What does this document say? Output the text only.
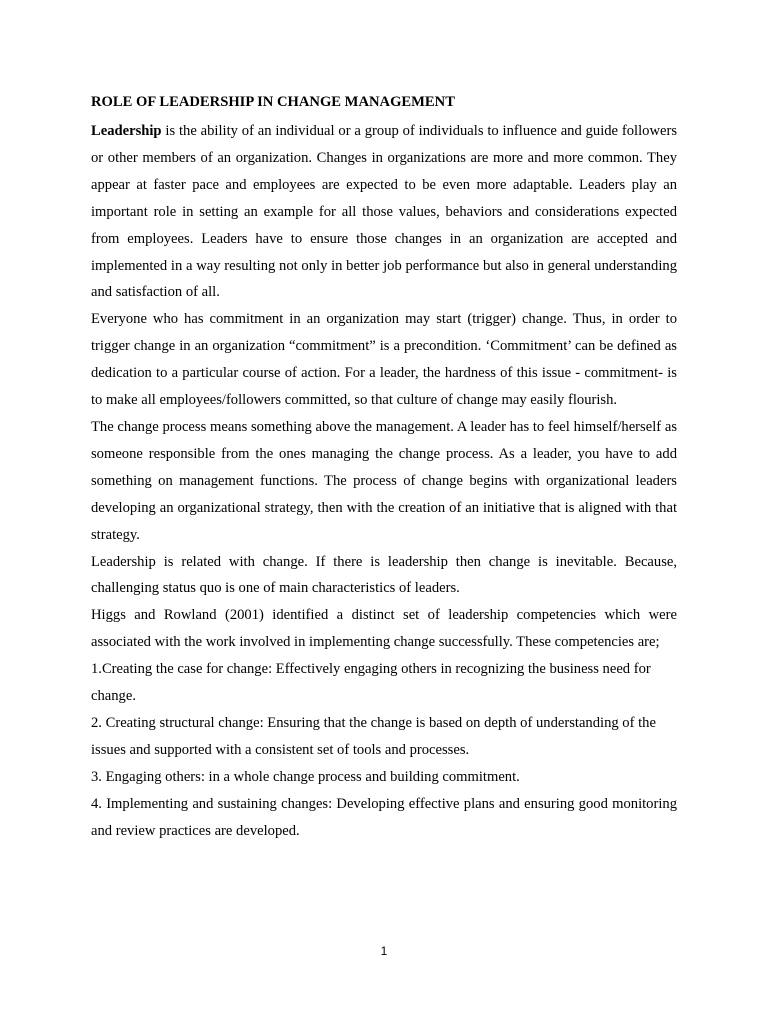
ROLE OF LEADERSHIP IN CHANGE MANAGEMENT

Leadership is the ability of an individual or a group of individuals to influence and guide followers or other members of an organization. Changes in organizations are more and more common. They appear at faster pace and employees are expected to be even more adaptable. Leaders play an important role in setting an example for all those values, behaviors and considerations expected from employees. Leaders have to ensure those changes in an organization are accepted and implemented in a way resulting not only in better job performance but also in general understanding and satisfaction of all.

Everyone who has commitment in an organization may start (trigger) change. Thus, in order to trigger change in an organization “commitment” is a precondition. ‘Commitment’ can be defined as dedication to a particular course of action. For a leader, the hardness of this issue - commitment- is to make all employees/followers committed, so that culture of change may easily flourish.

The change process means something above the management. A leader has to feel himself/herself as someone responsible from the ones managing the change process. As a leader, you have to add something on management functions. The process of change begins with organizational leaders developing an organizational strategy, then with the creation of an initiative that is aligned with that strategy.

Leadership is related with change. If there is leadership then change is inevitable. Because, challenging status quo is one of main characteristics of leaders.

Higgs and Rowland (2001) identified a distinct set of leadership competencies which were associated with the work involved in implementing change successfully. These competencies are;

1.Creating the case for change: Effectively engaging others in recognizing the business need for change.

2. Creating structural change: Ensuring that the change is based on depth of understanding of the issues and supported with a consistent set of tools and processes.

3. Engaging others: in a whole change process and building commitment.

4. Implementing and sustaining changes: Developing effective plans and ensuring good monitoring and review practices are developed.

1
